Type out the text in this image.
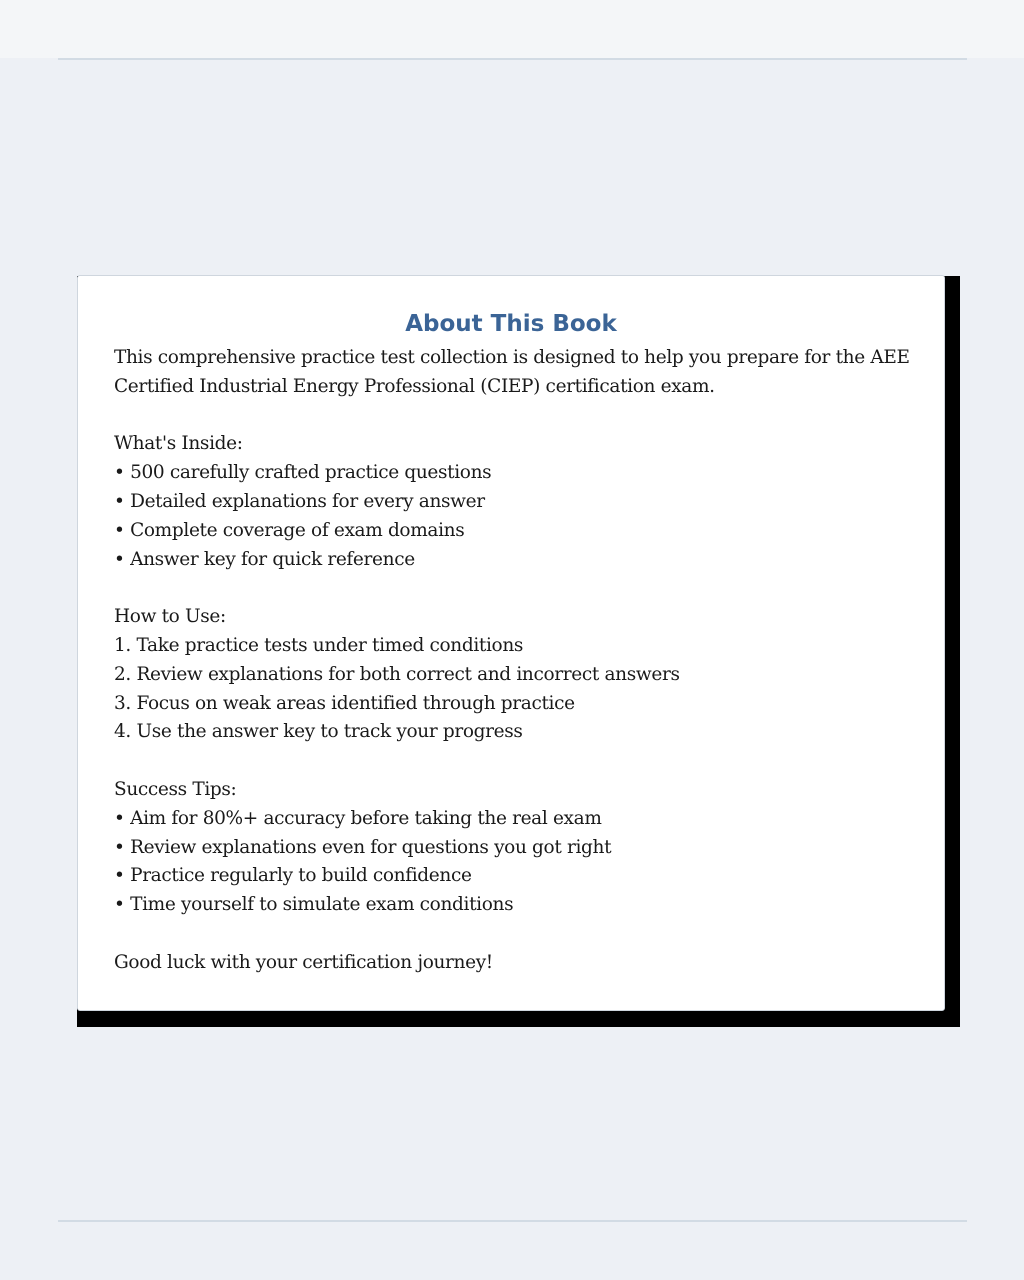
About This Book
This comprehensive practice test collection is designed to help you prepare for the AEE
Certified Industrial Energy Professional (CIEP) certification exam.
What's Inside:
• 500 carefully crafted practice questions
• Detailed explanations for every answer
• Complete coverage of exam domains
• Answer key for quick reference
How to Use:
1. Take practice tests under timed conditions
2. Review explanations for both correct and incorrect answers
3. Focus on weak areas identified through practice
4. Use the answer key to track your progress
Success Tips:
• Aim for 80%+ accuracy before taking the real exam
• Review explanations even for questions you got right
• Practice regularly to build confidence
• Time yourself to simulate exam conditions
Good luck with your certification journey!
